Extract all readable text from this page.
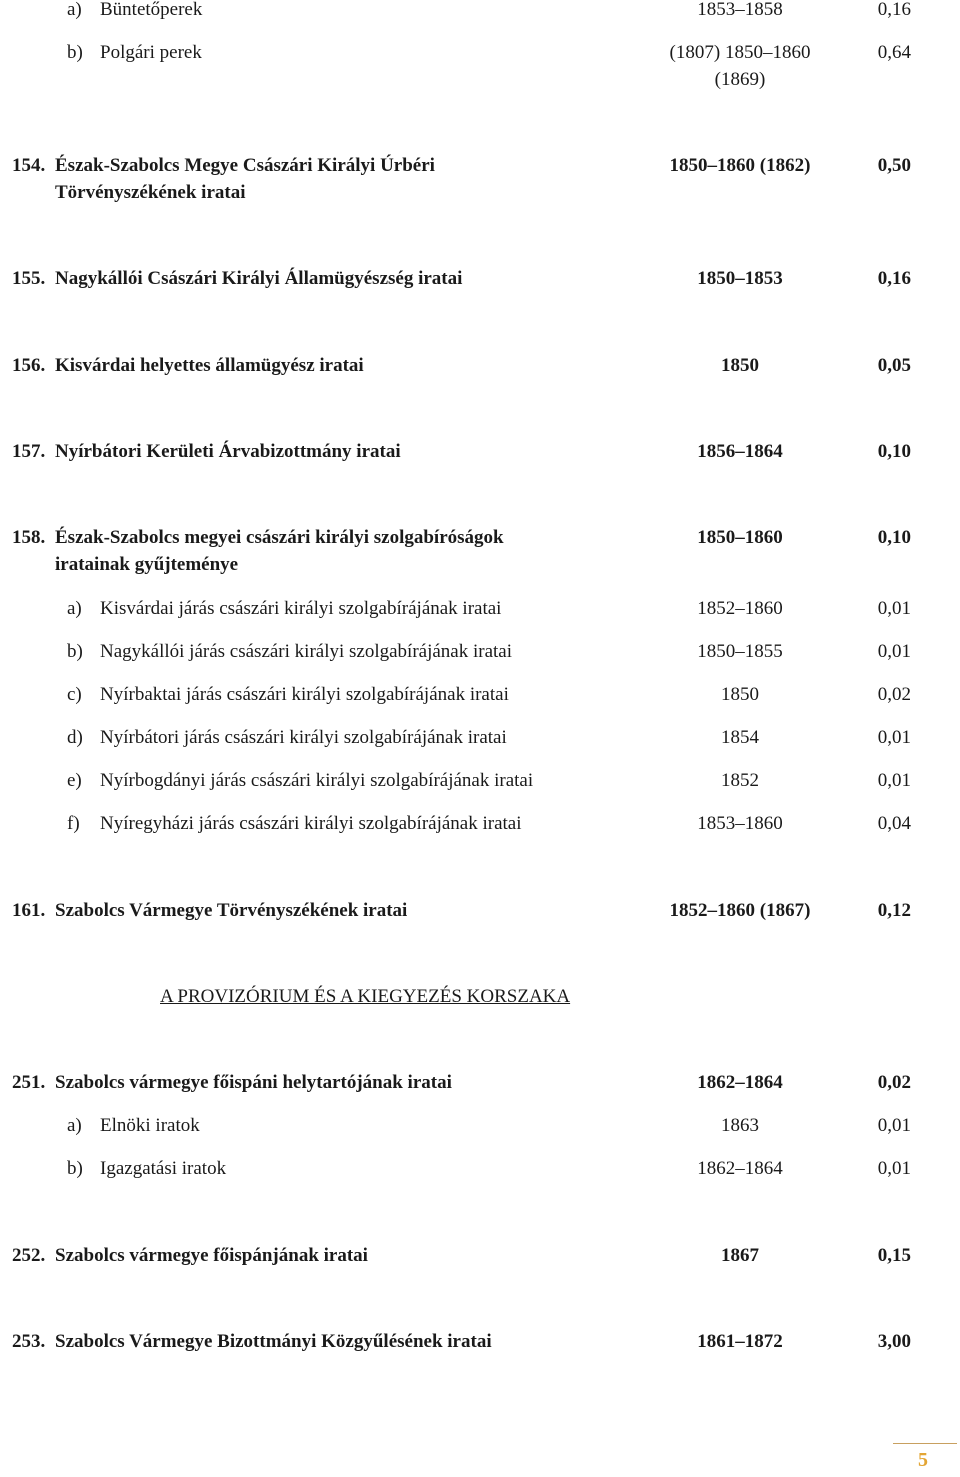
a) Büntetőperek	1853–1858	0,16
b) Polgári perek	(1807) 1850–1860	0,64
(1869)
154. Észak-Szabolcs Megye Császári Királyi Úrbéri	1850–1860 (1862)	0,50
Törvényszékének iratai
155. Nagykállói Császári Királyi Államügyészség iratai	1850–1853	0,16
156. Kisvárdai helyettes államügyész iratai	1850	0,05
157. Nyírbátori Kerületi Árvabizottmány iratai	1856–1864	0,10
158. Észak-Szabolcs megyei császári királyi szolgabíróságok	1850–1860	0,10
iratainak gyűjteménye
a) Kisvárdai járás császári királyi szolgabírájának iratai	1852–1860	0,01
b) Nagykállói járás császári királyi szolgabírájának iratai	1850–1855	0,01
c) Nyírbaktai járás császári királyi szolgabírájának iratai	1850	0,02
d) Nyírbátori járás császári királyi szolgabírájának iratai	1854	0,01
e) Nyírbogdányi járás császári királyi szolgabírájának iratai	1852	0,01
f) Nyíregyházi járás császári királyi szolgabírájának iratai	1853–1860	0,04
161. Szabolcs Vármegye Törvényszékének iratai	1852–1860 (1867)	0,12
A PROVIZÓRIUM ÉS A KIEGYEZÉS KORSZAKA
251. Szabolcs vármegye főispáni helytartójának iratai	1862–1864	0,02
a) Elnöki iratok	1863	0,01
b) Igazgatási iratok	1862–1864	0,01
252. Szabolcs vármegye főispánjának iratai	1867	0,15
253. Szabolcs Vármegye Bizottmányi Közgyűlésének iratai	1861–1872	3,00
5
